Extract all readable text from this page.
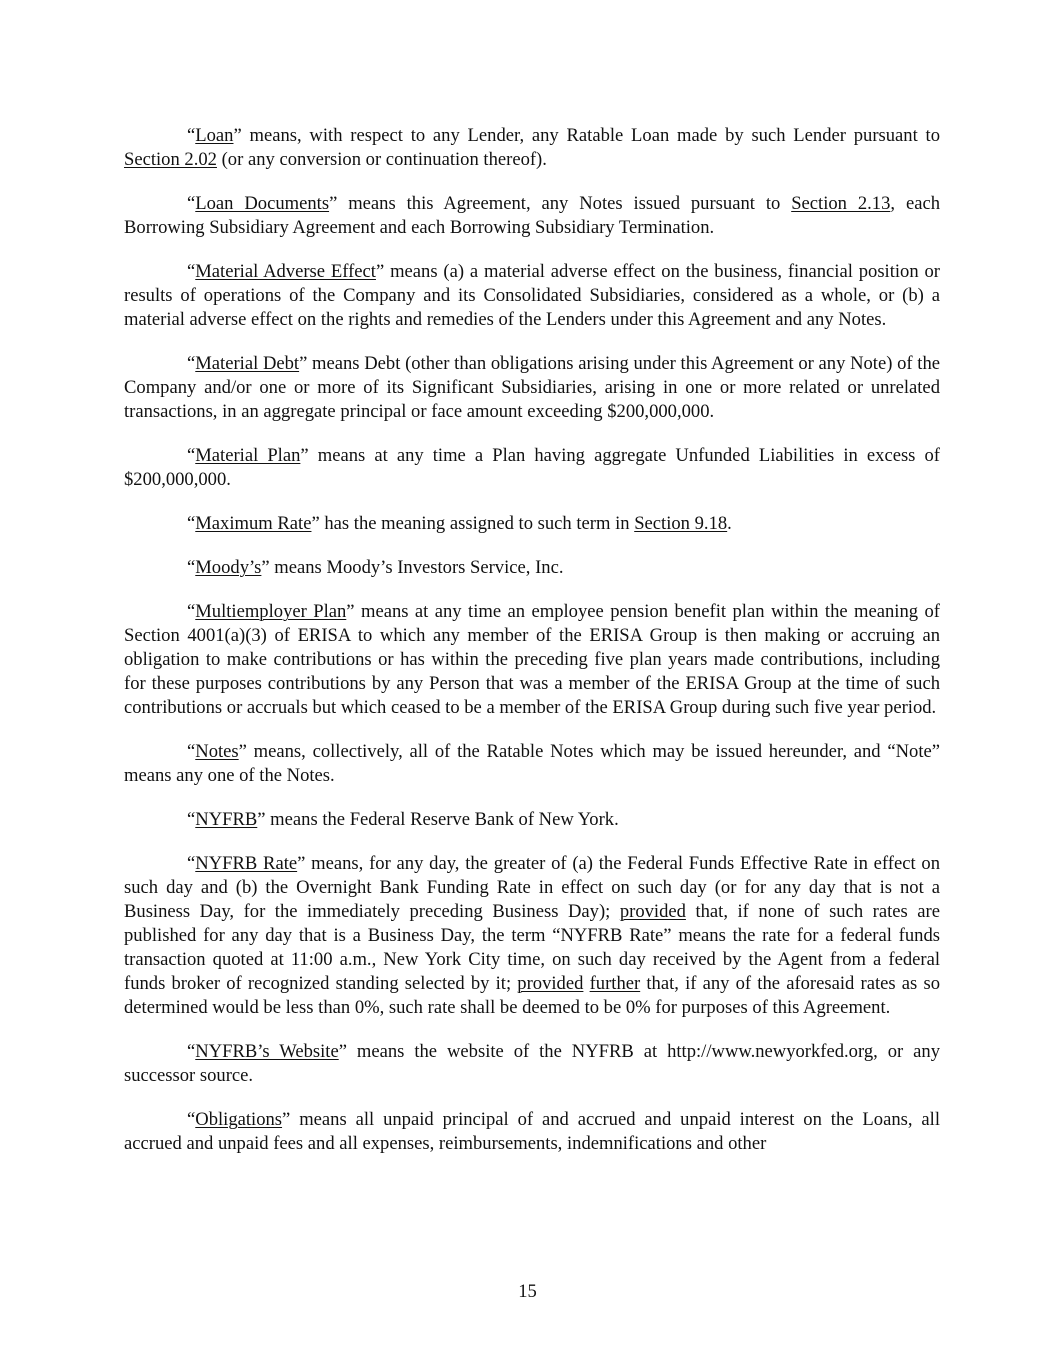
“Loan” means, with respect to any Lender, any Ratable Loan made by such Lender pursuant to Section 2.02 (or any conversion or continuation thereof).

“Loan Documents” means this Agreement, any Notes issued pursuant to Section 2.13, each Borrowing Subsidiary Agreement and each Borrowing Subsidiary Termination.

“Material Adverse Effect” means (a) a material adverse effect on the business, financial position or results of operations of the Company and its Consolidated Subsidiaries, considered as a whole, or (b) a material adverse effect on the rights and remedies of the Lenders under this Agreement and any Notes.

“Material Debt” means Debt (other than obligations arising under this Agreement or any Note) of the Company and/or one or more of its Significant Subsidiaries, arising in one or more related or unrelated transactions, in an aggregate principal or face amount exceeding $200,000,000.

“Material Plan” means at any time a Plan having aggregate Unfunded Liabilities in excess of $200,000,000.

“Maximum Rate” has the meaning assigned to such term in Section 9.18.

“Moody’s” means Moody’s Investors Service, Inc.

“Multiemployer Plan” means at any time an employee pension benefit plan within the meaning of Section 4001(a)(3) of ERISA to which any member of the ERISA Group is then making or accruing an obligation to make contributions or has within the preceding five plan years made contributions, including for these purposes contributions by any Person that was a member of the ERISA Group at the time of such contributions or accruals but which ceased to be a member of the ERISA Group during such five year period.

“Notes” means, collectively, all of the Ratable Notes which may be issued hereunder, and “Note” means any one of the Notes.

“NYFRB” means the Federal Reserve Bank of New York.

“NYFRB Rate” means, for any day, the greater of (a) the Federal Funds Effective Rate in effect on such day and (b) the Overnight Bank Funding Rate in effect on such day (or for any day that is not a Business Day, for the immediately preceding Business Day); provided that, if none of such rates are published for any day that is a Business Day, the term “NYFRB Rate” means the rate for a federal funds transaction quoted at 11:00 a.m., New York City time, on such day received by the Agent from a federal funds broker of recognized standing selected by it; provided further that, if any of the aforesaid rates as so determined would be less than 0%, such rate shall be deemed to be 0% for purposes of this Agreement.

“NYFRB’s Website” means the website of the NYFRB at http://www.newyorkfed.org, or any successor source.

“Obligations” means all unpaid principal of and accrued and unpaid interest on the Loans, all accrued and unpaid fees and all expenses, reimbursements, indemnifications and other

15
